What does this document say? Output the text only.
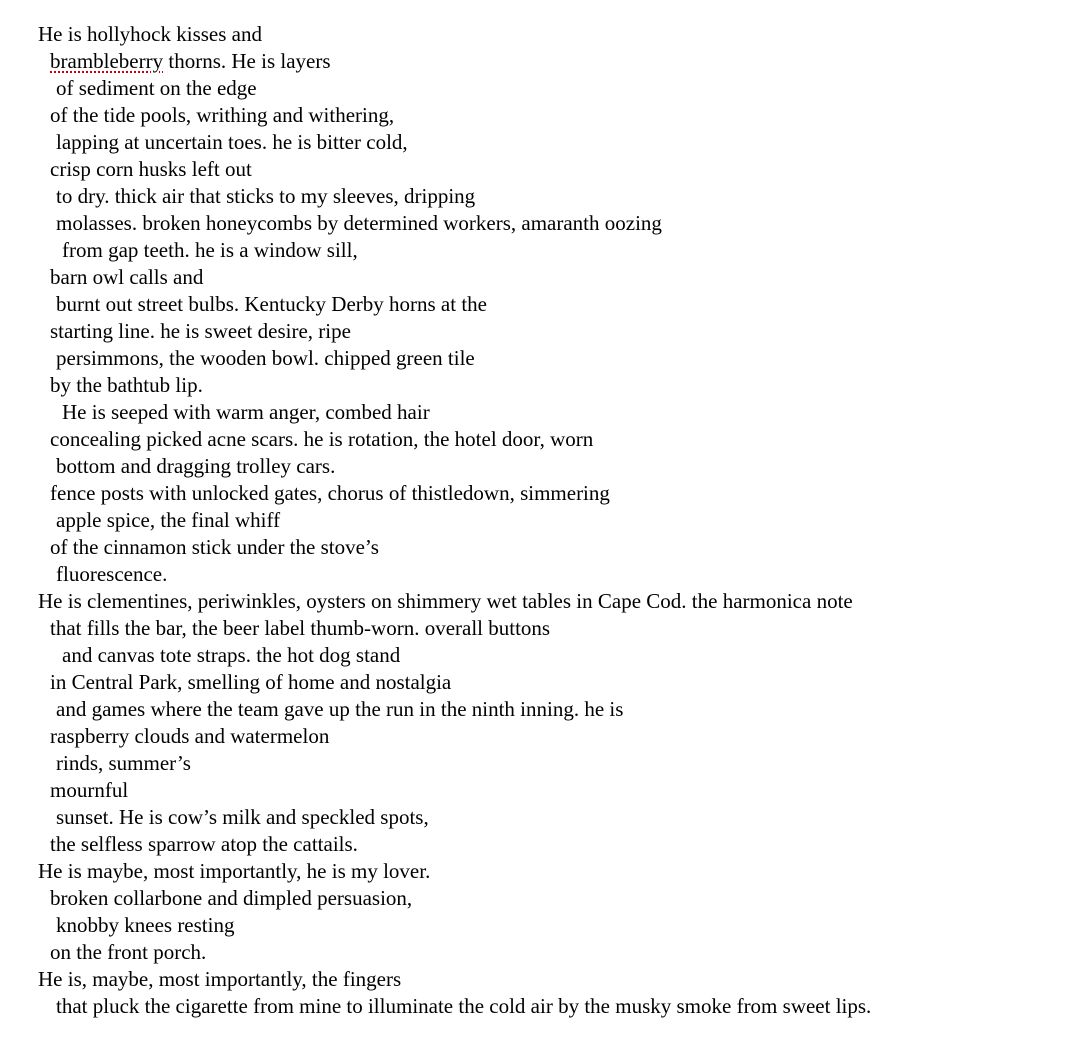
He is hollyhock kisses and
brambleberry thorns. He is layers
of sediment on the edge
of the tide pools, writhing and withering,
lapping at uncertain toes. he is bitter cold,
crisp corn husks left out
to dry. thick air that sticks to my sleeves, dripping
molasses. broken honeycombs by determined workers, amaranth oozing
from gap teeth. he is a window sill,
barn owl calls and
burnt out street bulbs. Kentucky Derby horns at the
starting line. he is sweet desire, ripe
persimmons, the wooden bowl. chipped green tile
by the bathtub lip.
He is seeped with warm anger, combed hair
concealing picked acne scars. he is rotation, the hotel door, worn
bottom and dragging trolley cars.
fence posts with unlocked gates, chorus of thistledown, simmering
apple spice, the final whiff
of the cinnamon stick under the stove’s
fluorescence.
He is clementines, periwinkles, oysters on shimmery wet tables in Cape Cod. the harmonica note
that fills the bar, the beer label thumb-worn. overall buttons
and canvas tote straps. the hot dog stand
in Central Park, smelling of home and nostalgia
and games where the team gave up the run in the ninth inning. he is
raspberry clouds and watermelon
rinds, summer’s
mournful
sunset. He is cow’s milk and speckled spots,
the selfless sparrow atop the cattails.
He is maybe, most importantly, he is my lover.
broken collarbone and dimpled persuasion,
knobby knees resting
on the front porch.
He is, maybe, most importantly, the fingers
that pluck the cigarette from mine to illuminate the cold air by the musky smoke from sweet lips.
